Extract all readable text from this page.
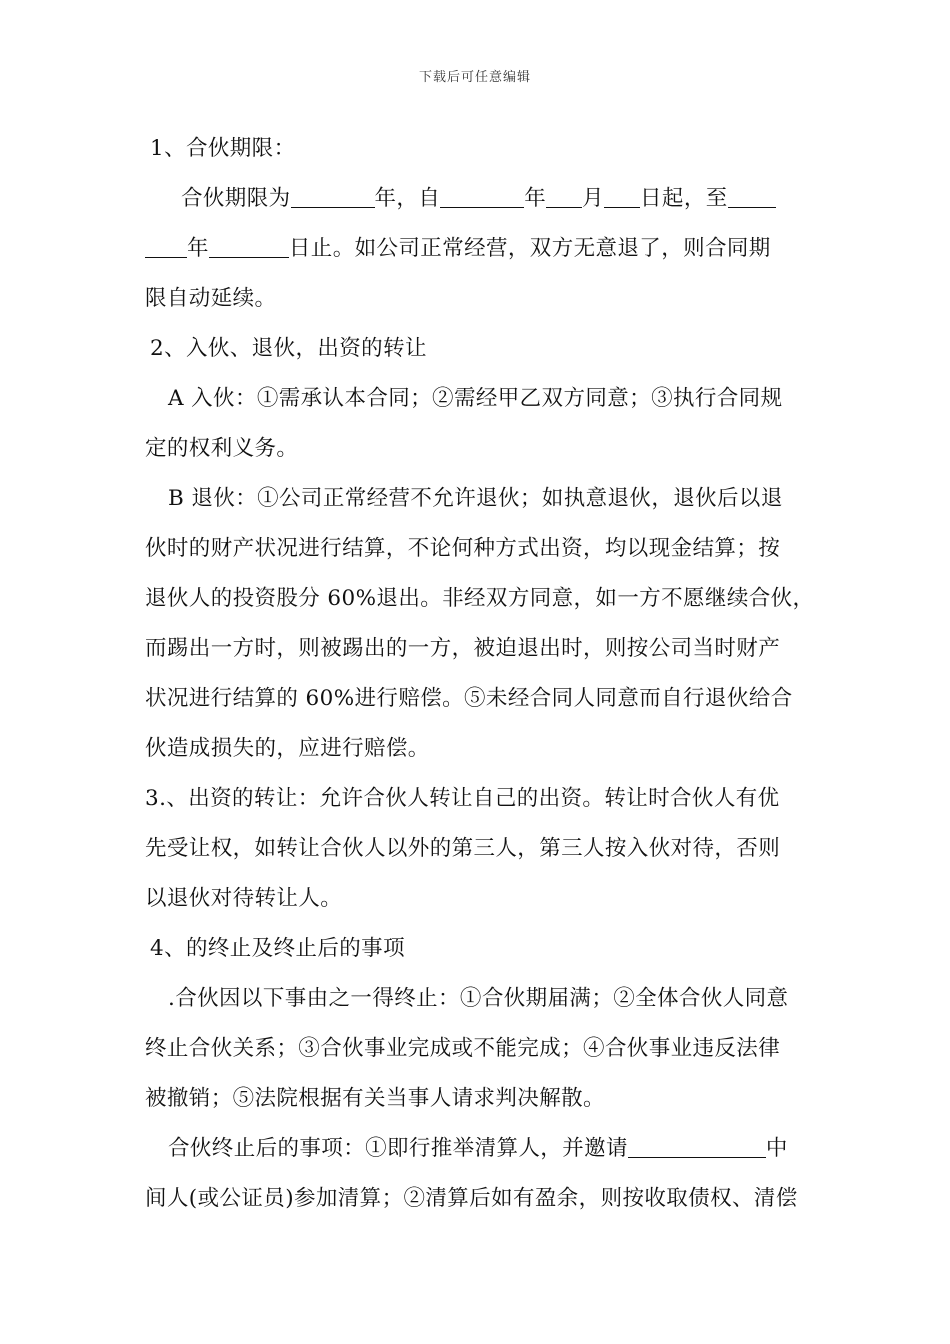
下载后可任意编辑
1、合伙期限：
合伙期限为	年，自	年 月 日起，至
年	日止。如公司正常经营，双方无意退了，则合同期
限自动延续。
2、入伙、退伙，出资的转让
A 入伙：①需承认本合同；②需经甲乙双方同意；③执行合同规
定的权利义务。
B 退伙：①公司正常经营不允许退伙；如执意退伙，退伙后以退
伙时的财产状况进行结算，不论何种方式出资，均以现金结算；按
退伙人的投资股分 60%退出。非经双方同意，如一方不愿继续合伙，
而踢出一方时，则被踢出的一方，被迫退出时，则按公司当时财产
状况进行结算的 60%进行赔偿。⑤未经合同人同意而自行退伙给合
伙造成损失的，应进行赔偿。
3.、出资的转让：允许合伙人转让自己的出资。转让时合伙人有优
先受让权，如转让合伙人以外的第三人，第三人按入伙对待，否则
以退伙对待转让人。
4、的终止及终止后的事项
.合伙因以下事由之一得终止：①合伙期届满；②全体合伙人同意
终止合伙关系；③合伙事业完成或不能完成；④合伙事业违反法律
被撤销；⑤法院根据有关当事人请求判决解散。
合伙终止后的事项：①即行推举清算人，并邀请	中
间人(或公证员)参加清算；②清算后如有盈余，则按收取债权、清偿
